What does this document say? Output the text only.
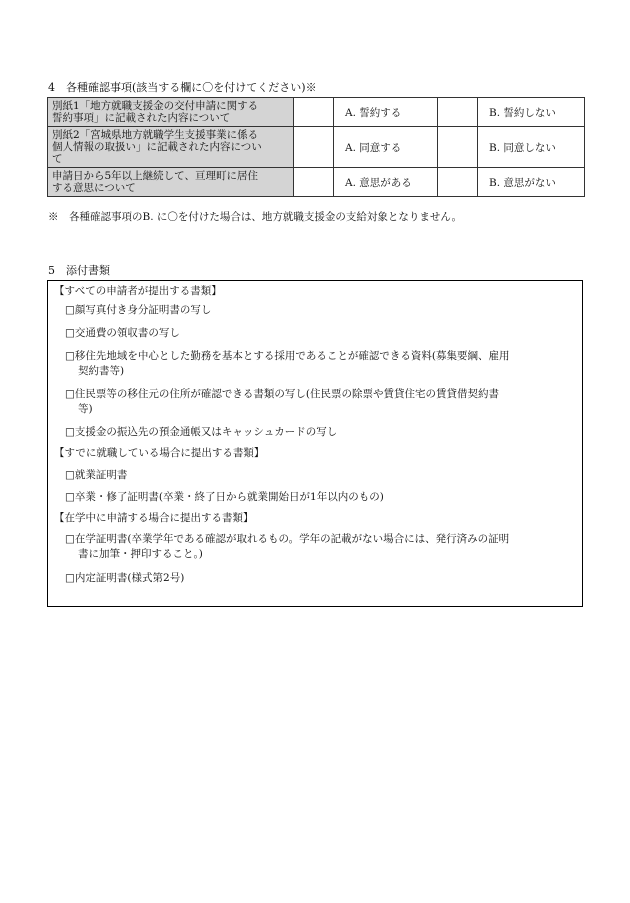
4　各種確認事項(該当する欄に〇を付けてください)※
別紙1「地方就職支援金の交付申請に関する
誓約事項」に記載された内容について		A. 誓約する		B. 誓約しない

別紙2「宮城県地方就職学生支援事業に係る
個人情報の取扱い」に記載された内容につい
て		A. 同意する		B. 同意しない

申請日から5年以上継続して、亘理町に居住
する意思について		A. 意思がある		B. 意思がない
※　各種確認事項のB. に〇を付けた場合は、地方就職支援金の支給対象となりません。
5　添付書類
【すべての申請者が提出する書類】
□顔写真付き身分証明書の写し
□交通費の領収書の写し
□移住先地域を中心とした勤務を基本とする採用であることが確認できる資料(募集要綱、雇用
契約書等)
□住民票等の移住元の住所が確認できる書類の写し(住民票の除票や賃貸住宅の賃貸借契約書
等)
□支援金の振込先の預金通帳又はキャッシュカードの写し
【すでに就職している場合に提出する書類】
□就業証明書
□卒業・修了証明書(卒業・終了日から就業開始日が1年以内のもの)
【在学中に申請する場合に提出する書類】
□在学証明書(卒業学年である確認が取れるもの。学年の記載がない場合には、発行済みの証明
書に加筆・押印すること。)
□内定証明書(様式第2号)
